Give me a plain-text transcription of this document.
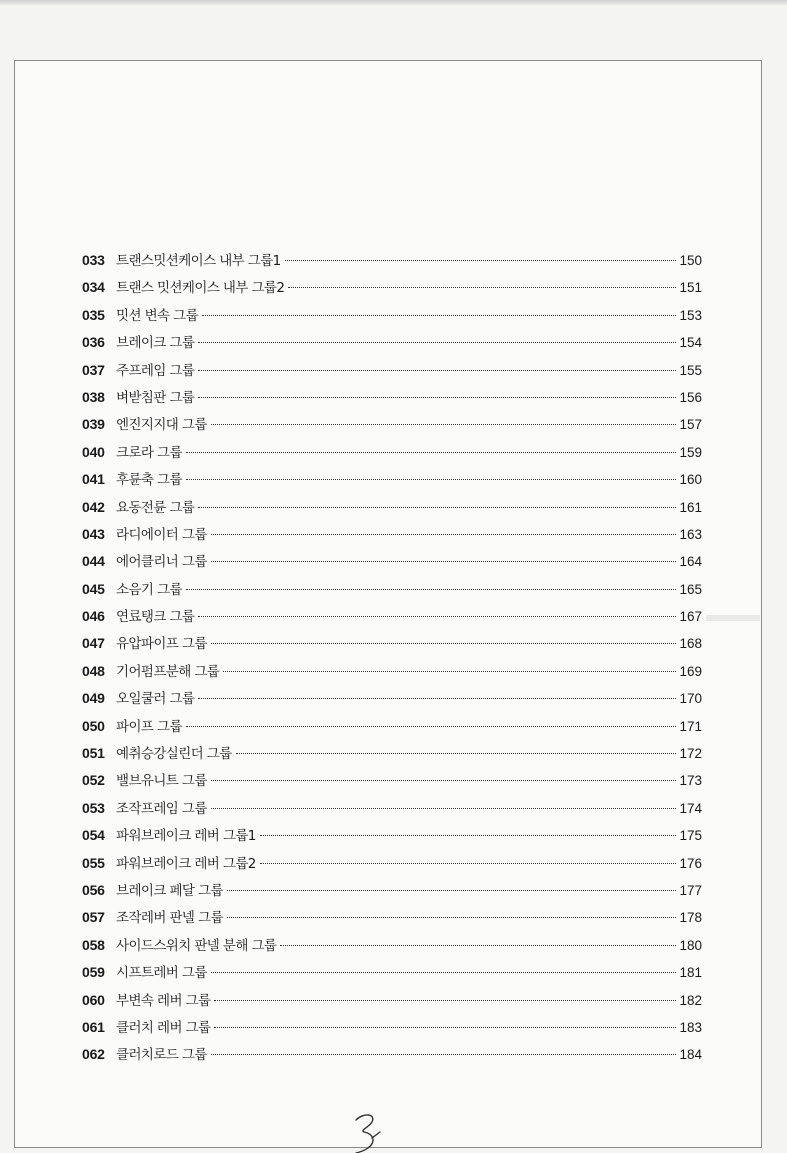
033 트랜스밋션케이스 내부 그룹1	150
034 트랜스 밋션케이스 내부 그룹2	151
035 밋션 변속 그룹	153
036 브레이크 그룹	154
037 주프레임 그룹	155
038 벼받침판 그룹	156
039 엔진지지대 그룹	157
040 크로라 그룹	159
041 후륜축 그룹	160
042 요동전륜 그룹	161
043 라디에이터 그룹	163
044 에어클리너 그룹	164
045 소음기 그룹	165
046 연료탱크 그룹	167
047 유압파이프 그룹	168
048 기어펌프분해 그룹	169
049 오일쿨러 그룹	170
050 파이프 그룹	171
051 예취승강실린더 그룹	172
052 밸브유니트 그룹	173
053 조작프레임 그룹	174
054 파워브레이크 레버 그룹1	175
055 파워브레이크 레버 그룹2	176
056 브레이크 페달 그룹	177
057 조작레버 판넬 그룹	178
058 사이드스위치 판넬 분해 그룹	180
059 시프트레버 그룹	181
060 부변속 레버 그룹	182
061 클러치 레버 그룹	183
062 클러치로드 그룹	184
